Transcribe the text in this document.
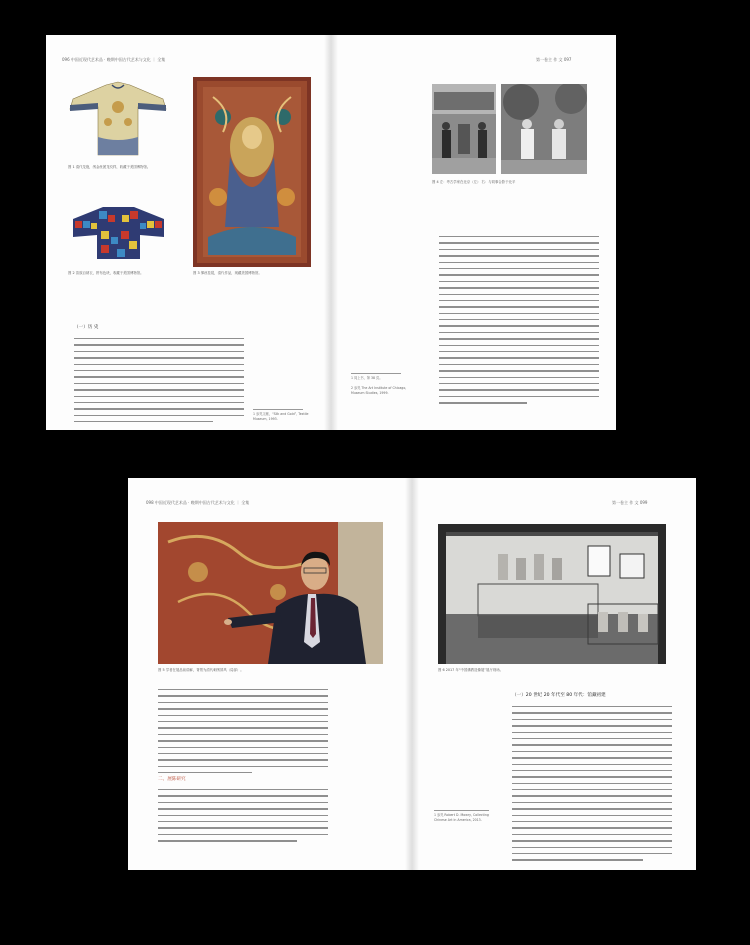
096 中国近现代艺术品 · 晚期中国古代艺术与文化 ｜ 全集
图 1 清代龙袍，绣金丝团龙纹样，收藏于美国博物馆。
图 2 苗族百衲衣，拼布色块，收藏于美国博物馆。	图 3 缂丝挂毯，清代作品，现藏美国博物馆。
（一）历 史
1 参见文献，“Silk and Gold”, Textile Museum, 1993.
第一卷主 作 文 097
图 4 左：考古学家在北京（左） 右：与同事合影于北平
1 同上书，第 38 页。
2 参见 The Art Institute of Chicago, Museum Studies, 1999.
098 中国近现代艺术品 · 晚期中国古代艺术与文化 ｜ 全集
图 5 学者在展品前讲解，背景为清代刺绣屏风（局部）。
二、展陈研究
第一卷主 作 文 099
图 6 2017 年“中国佛教造像展”展厅现场。
（一）20 世纪 20 年代至 80 年代：馆藏初建
1 参见 Robert D. Mowry, Collecting Chinese Art in America, 2013.
